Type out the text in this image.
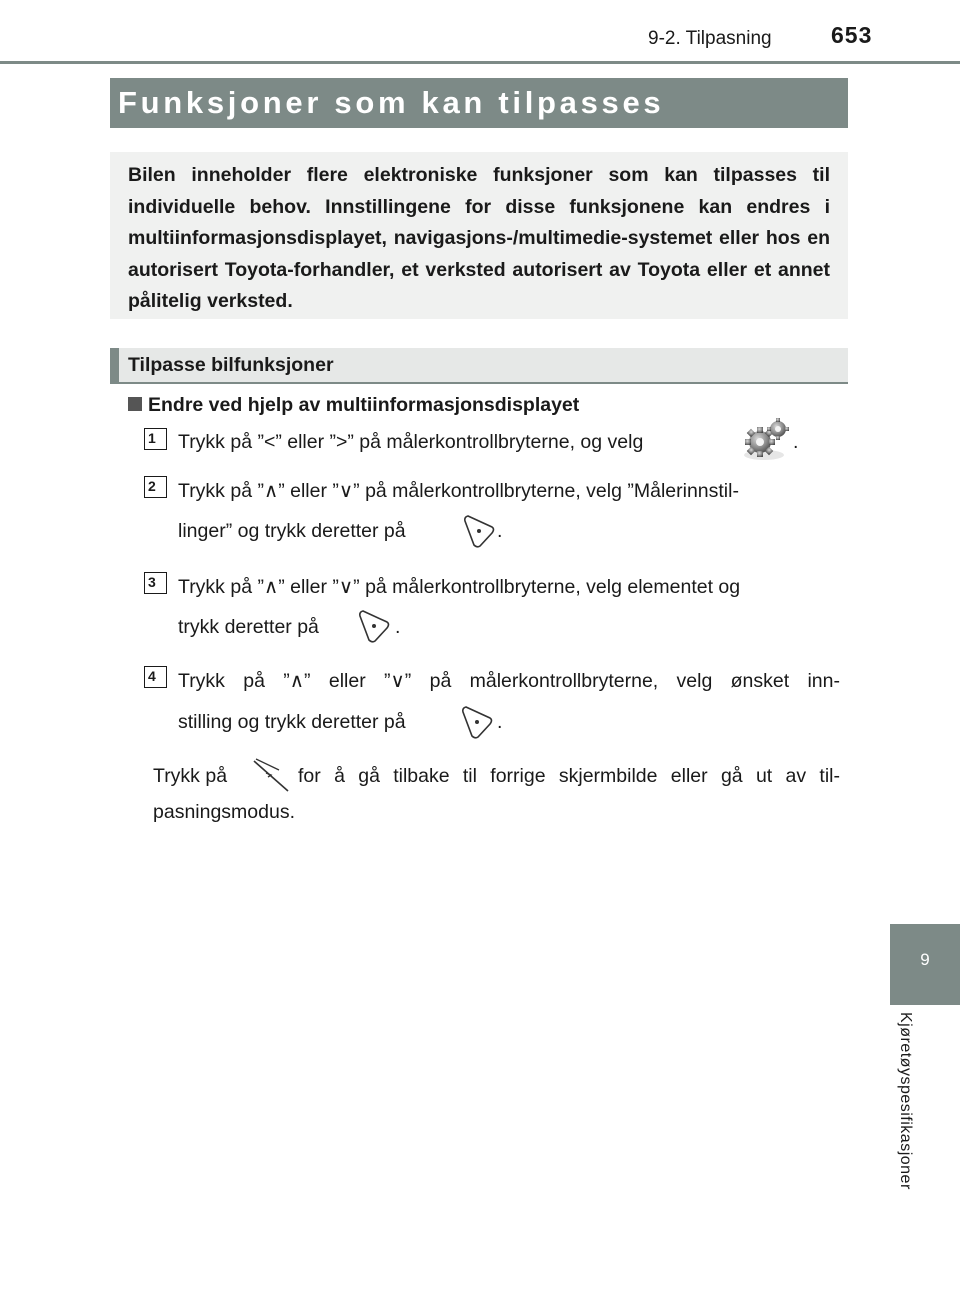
9-2. Tilpasning	653
9
Kjøretøyspesifikasjoner
Funksjoner som kan tilpasses
Bilen inneholder flere elektroniske funksjoner som kan tilpasses til individuelle behov. Innstillingene for disse funksjonene kan endres i multiinformasjonsdisplayet, navigasjons-/multimedie-systemet eller hos en autorisert Toyota-forhandler, et verksted autorisert av Toyota eller et annet pålitelig verksted.
Tilpasse bilfunksjoner
Endre ved hjelp av multiinformasjonsdisplayet
1	Trykk på ”<” eller ”>” på målerkontrollbryterne, og velg	.
2	Trykk på ”∧” eller ”∨” på målerkontrollbryterne, velg ”Målerinnstil-
linger” og trykk deretter på	.
3	Trykk på ”∧” eller ”∨” på målerkontrollbryterne, velg elementet og
trykk deretter på	.
4	Trykk på ”∧” eller ”∨” på målerkontrollbryterne, velg ønsket inn-
stilling og trykk deretter på	.
Trykk på	for å gå tilbake til forrige skjermbilde eller gå ut av til-
pasningsmodus.
